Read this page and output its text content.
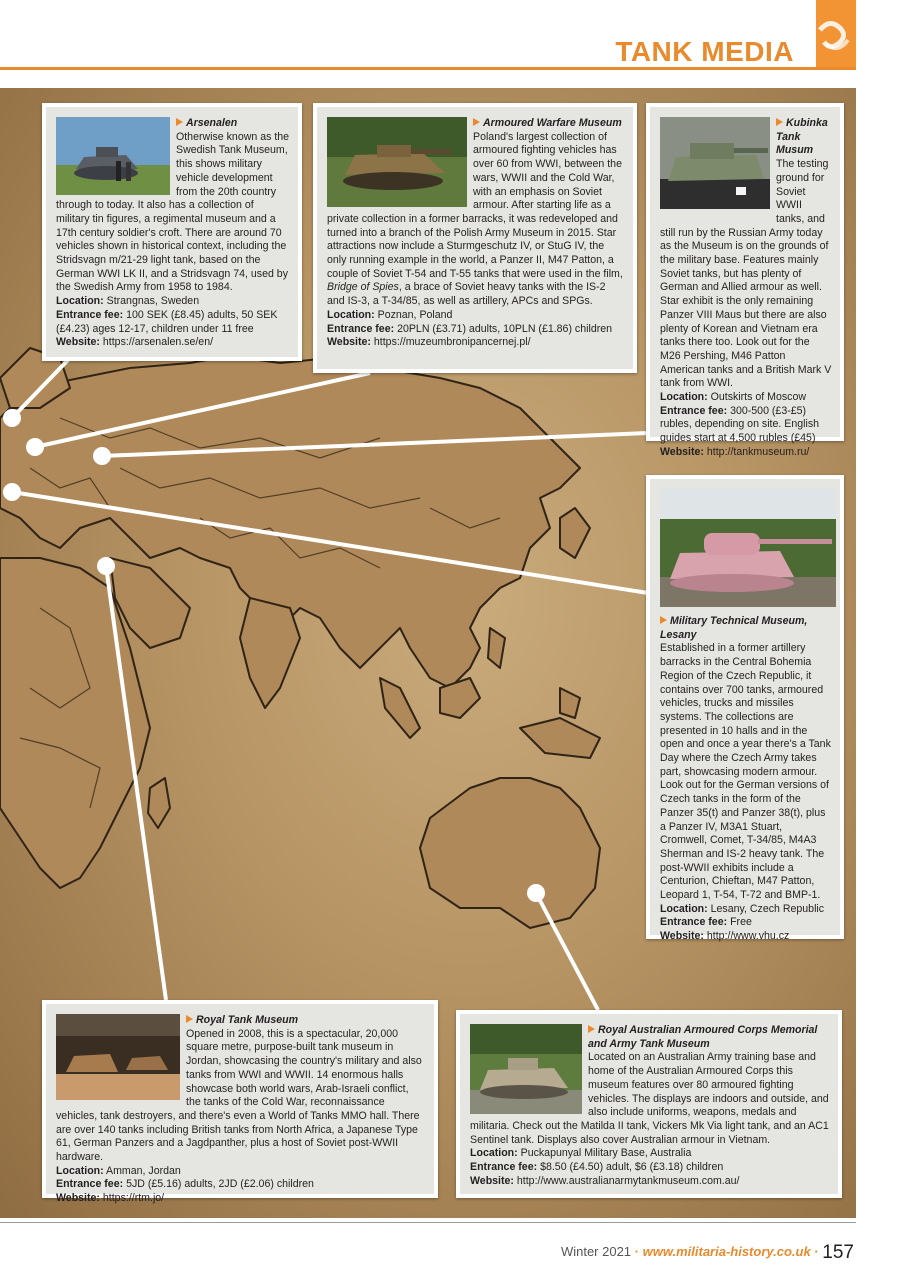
TANK MEDIA

Arsenalen
Otherwise known as the Swedish Tank Museum, this shows military vehicle development from the 20th country through to today. It also has a collection of military tin figures, a regimental museum and a 17th century soldier's croft. There are around 70 vehicles shown in historical context, including the Stridsvagn m/21-29 light tank, based on the German WWI LK II, and a Stridsvagn 74, used by the Swedish Army from 1958 to 1984.
Location: Strangnas, Sweden
Entrance fee: 100 SEK (£8.45) adults, 50 SEK (£4.23) ages 12-17, children under 11 free
Website: https://arsenalen.se/en/

Armoured Warfare Museum
Poland's largest collection of armoured fighting vehicles has over 60 from WWI, between the wars, WWII and the Cold War, with an emphasis on Soviet armour. After starting life as a private collection in a former barracks, it was redeveloped and turned into a branch of the Polish Army Museum in 2015. Star attractions now include a Sturmgeschutz IV, or StuG IV, the only running example in the world, a Panzer II, M47 Patton, a couple of Soviet T-54 and T-55 tanks that were used in the film, Bridge of Spies, a brace of Soviet heavy tanks with the IS-2 and IS-3, a T-34/85, as well as artillery, APCs and SPGs.
Location: Poznan, Poland
Entrance fee: 20PLN (£3.71) adults, 10PLN (£1.86) children
Website: https://muzeumbronipancernej.pl/

Kubinka Tank Musum
The testing ground for Soviet WWII tanks, and still run by the Russian Army today as the Museum is on the grounds of the military base. Features mainly Soviet tanks, but has plenty of German and Allied armour as well. Star exhibit is the only remaining Panzer VIII Maus but there are also plenty of Korean and Vietnam era tanks there too. Look out for the M26 Pershing, M46 Patton American tanks and a British Mark V tank from WWI.
Location: Outskirts of Moscow
Entrance fee: 300-500 (£3-£5) rubles, depending on site. English guides start at 4,500 rubles (£45)
Website: http://tankmuseum.ru/

Military Technical Museum, Lesany
Established in a former artillery barracks in the Central Bohemia Region of the Czech Republic, it contains over 700 tanks, armoured vehicles, trucks and missiles systems. The collections are presented in 10 halls and in the open and once a year there's a Tank Day where the Czech Army takes part, showcasing modern armour. Look out for the German versions of Czech tanks in the form of the Panzer 35(t) and Panzer 38(t), plus a Panzer IV, M3A1 Stuart, Cromwell, Comet, T-34/85, M4A3 Sherman and IS-2 heavy tank. The post-WWII exhibits include a Centurion, Chieftan, M47 Patton, Leopard 1, T-54, T-72 and BMP-1.
Location: Lesany, Czech Republic
Entrance fee: Free
Website: http://www.vhu.cz

Royal Tank Museum
Opened in 2008, this is a spectacular, 20,000 square metre, purpose-built tank museum in Jordan, showcasing the country's military and also tanks from WWI and WWII. 14 enormous halls showcase both world wars, Arab-Israeli conflict, the tanks of the Cold War, reconnaissance vehicles, tank destroyers, and there's even a World of Tanks MMO hall. There are over 140 tanks including British tanks from North Africa, a Japanese Type 61, German Panzers and a Jagdpanther, plus a host of Soviet post-WWII hardware.
Location: Amman, Jordan
Entrance fee: 5JD (£5.16) adults, 2JD (£2.06) children
Website: https://rtm.jo/

Royal Australian Armoured Corps Memorial and Army Tank Museum
Located on an Australian Army training base and home of the Australian Armoured Corps this museum features over 80 armoured fighting vehicles. The displays are indoors and outside, and also include uniforms, weapons, medals and militaria. Check out the Matilda II tank, Vickers Mk Via light tank, and an AC1 Sentinel tank. Displays also cover Australian armour in Vietnam.
Location: Puckapunyal Military Base, Australia
Entrance fee: $8.50 (£4.50) adult, $6 (£3.18) children
Website: http://www.australianarmytankmuseum.com.au/

Winter 2021 · www.militaria-history.co.uk · 157
